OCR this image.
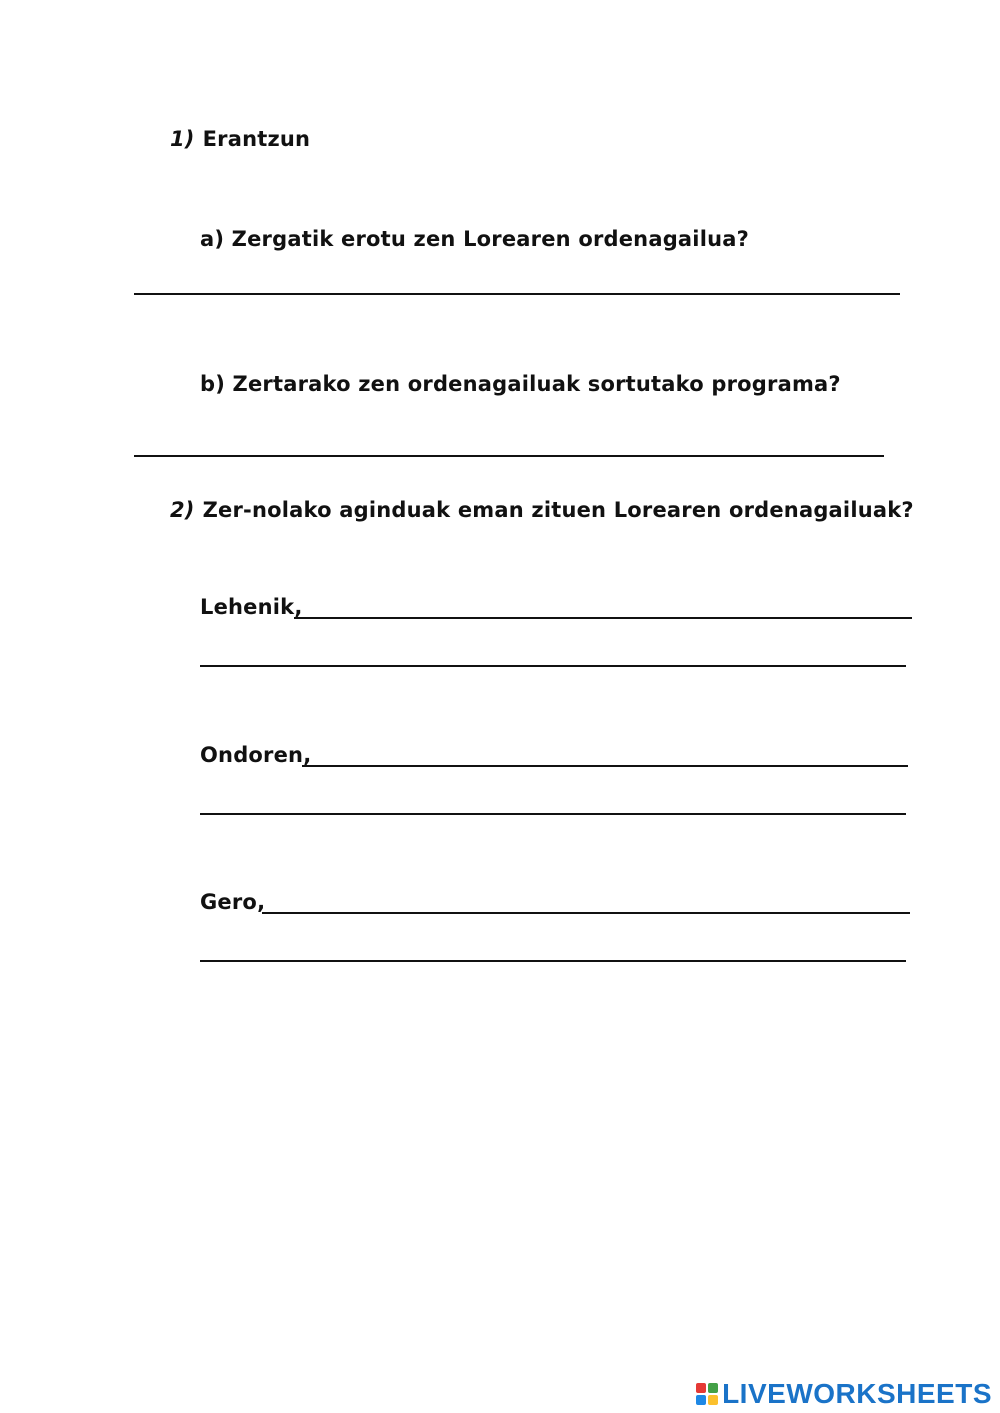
1) Erantzun
a) Zergatik erotu zen Lorearen ordenagailua?
b) Zertarako zen ordenagailuak sortutako programa?
2) Zer-nolako aginduak eman zituen Lorearen ordenagailuak?
Lehenik,
Ondoren,
Gero,
LIVEWORKSHEETS
